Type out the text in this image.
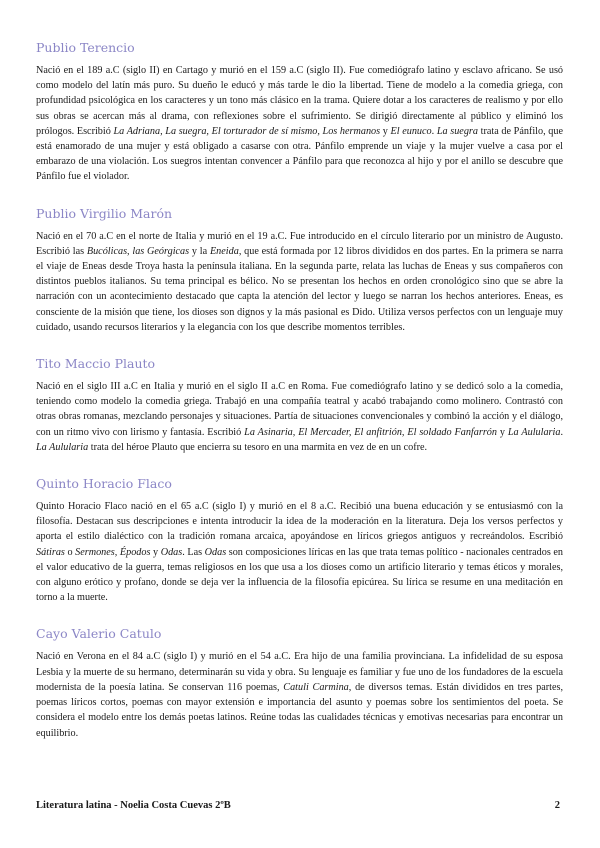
Publio Terencio

Nació en el 189 a.C (siglo II) en Cartago y murió en el 159 a.C (siglo II). Fue comediógrafo latino y esclavo africano. Se usó como modelo del latín más puro. Su dueño le educó y más tarde le dio la libertad. Tiene de modelo a la comedia griega, con profundidad psicológica en los caracteres y un tono más clásico en la trama. Quiere dotar a los caracteres de realismo y por ello sus obras se acercan más al drama, con reflexiones sobre el sufrimiento. Se dirigió directamente al público y eliminó los prólogos. Escribió La Adriana, La suegra, El torturador de sí mismo, Los hermanos y El eunuco. La suegra trata de Pánfilo, que está enamorado de una mujer y está obligado a casarse con otra. Pánfilo emprende un viaje y la mujer vuelve a casa por el embarazo de una violación. Los suegros intentan convencer a Pánfilo para que reconozca al hijo y por el anillo se descubre que Pánfilo fue el violador.

Publio Virgilio Marón

Nació en el 70 a.C en el norte de Italia y murió en el 19 a.C. Fue introducido en el círculo literario por un ministro de Augusto. Escribió las Bucólicas, las Geórgicas y la Eneida, que está formada por 12 libros divididos en dos partes. En la primera se narra el viaje de Eneas desde Troya hasta la península italiana. En la segunda parte, relata las luchas de Eneas y sus compañeros con distintos pueblos italianos. Su tema principal es bélico. No se presentan los hechos en orden cronológico sino que se abre la narración con un acontecimiento destacado que capta la atención del lector y luego se narran los hechos anteriores. Eneas, es consciente de la misión que tiene, los dioses son dignos y la más pasional es Dido. Utiliza versos perfectos con un lenguaje muy cuidado, usando recursos literarios y la elegancia con los que describe momentos terribles.

Tito Maccio Plauto

Nació en el siglo III a.C en Italia y murió en el siglo II a.C en Roma. Fue comediógrafo latino y se dedicó solo a la comedia, teniendo como modelo la comedia griega. Trabajó en una compañía teatral y acabó trabajando como molinero. Contrastó con otras obras romanas, mezclando personajes y situaciones. Partía de situaciones convencionales y combinó la acción y el diálogo, con un ritmo vivo con lirismo y fantasía. Escribió La Asinaria, El Mercader, El anfitrión, El soldado Fanfarrón y La Aulularia. La Aulularia trata del héroe Plauto que encierra su tesoro en una marmita en vez de en un cofre.

Quinto Horacio Flaco

Quinto Horacio Flaco nació en el 65 a.C (siglo I) y murió en el 8 a.C. Recibió una buena educación y se entusiasmó con la filosofía. Destacan sus descripciones e intenta introducir la idea de la moderación en la literatura. Deja los versos perfectos y aporta el estilo dialéctico con la tradición romana arcaica, apoyándose en líricos griegos antiguos y recreándolos. Escribió Sátiras o Sermones, Épodos y Odas. Las Odas son composiciones líricas en las que trata temas político - nacionales centrados en el valor educativo de la guerra, temas religiosos en los que usa a los dioses como un artificio literario y temas éticos y morales, con alguno erótico y profano, donde se deja ver la influencia de la filosofía epicúrea. Su lírica se resume en una meditación en torno a la muerte.

Cayo Valerio Catulo

Nació en Verona en el 84 a.C (siglo I) y murió en el 54 a.C. Era hijo de una familia provinciana. La infidelidad de su esposa Lesbia y la muerte de su hermano, determinarán su vida y obra. Su lenguaje es familiar y fue uno de los fundadores de la escuela modernista de la poesía latina. Se conservan 116 poemas, Catuli Carmina, de diversos temas. Están divididos en tres partes, poemas líricos cortos, poemas con mayor extensión e importancia del asunto y poemas sobre los sentimientos del poeta. Se considera el modelo entre los demás poetas latinos. Reúne todas las cualidades técnicas y emotivas necesarias para encontrar un equilibrio.

Literatura latina - Noelia Costa Cuevas 2ºB	2
